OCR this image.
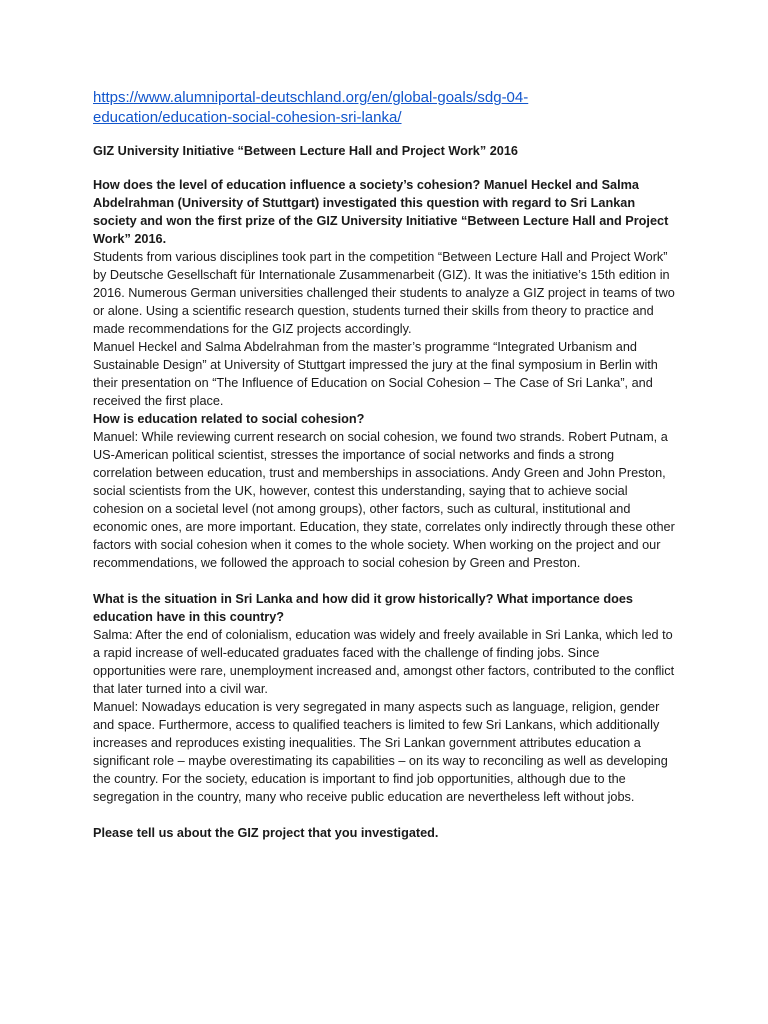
https://www.alumniportal-deutschland.org/en/global-goals/sdg-04-
education/education-social-cohesion-sri-lanka/

GIZ University Initiative “Between Lecture Hall and Project Work” 2016

How does the level of education influence a society’s cohesion? Manuel Heckel and Salma Abdelrahman (University of Stuttgart) investigated this question with regard to Sri Lankan society and won the first prize of the GIZ University Initiative “Between Lecture Hall and Project Work” 2016.

Students from various disciplines took part in the competition “Between Lecture Hall and Project Work” by Deutsche Gesellschaft für Internationale Zusammenarbeit (GIZ). It was the initiative’s 15th edition in 2016. Numerous German universities challenged their students to analyze a GIZ project in teams of two or alone. Using a scientific research question, students turned their skills from theory to practice and made recommendations for the GIZ projects accordingly.

Manuel Heckel and Salma Abdelrahman from the master’s programme “Integrated Urbanism and Sustainable Design” at University of Stuttgart impressed the jury at the final symposium in Berlin with their presentation on “The Influence of Education on Social Cohesion – The Case of Sri Lanka”, and received the first place.

How is education related to social cohesion?

Manuel: While reviewing current research on social cohesion, we found two strands. Robert Putnam, a US-American political scientist, stresses the importance of social networks and finds a strong correlation between education, trust and memberships in associations. Andy Green and John Preston, social scientists from the UK, however, contest this understanding, saying that to achieve social cohesion on a societal level (not among groups), other factors, such as cultural, institutional and economic ones, are more important. Education, they state, correlates only indirectly through these other factors with social cohesion when it comes to the whole society. When working on the project and our recommendations, we followed the approach to social cohesion by Green and Preston.

What is the situation in Sri Lanka and how did it grow historically? What importance does education have in this country?

Salma: After the end of colonialism, education was widely and freely available in Sri Lanka, which led to a rapid increase of well-educated graduates faced with the challenge of finding jobs. Since opportunities were rare, unemployment increased and, amongst other factors, contributed to the conflict that later turned into a civil war.

Manuel: Nowadays education is very segregated in many aspects such as language, religion, gender and space. Furthermore, access to qualified teachers is limited to few Sri Lankans, which additionally increases and reproduces existing inequalities. The Sri Lankan government attributes education a significant role – maybe overestimating its capabilities – on its way to reconciling as well as developing the country. For the society, education is important to find job opportunities, although due to the segregation in the country, many who receive public education are nevertheless left without jobs.

Please tell us about the GIZ project that you investigated.
